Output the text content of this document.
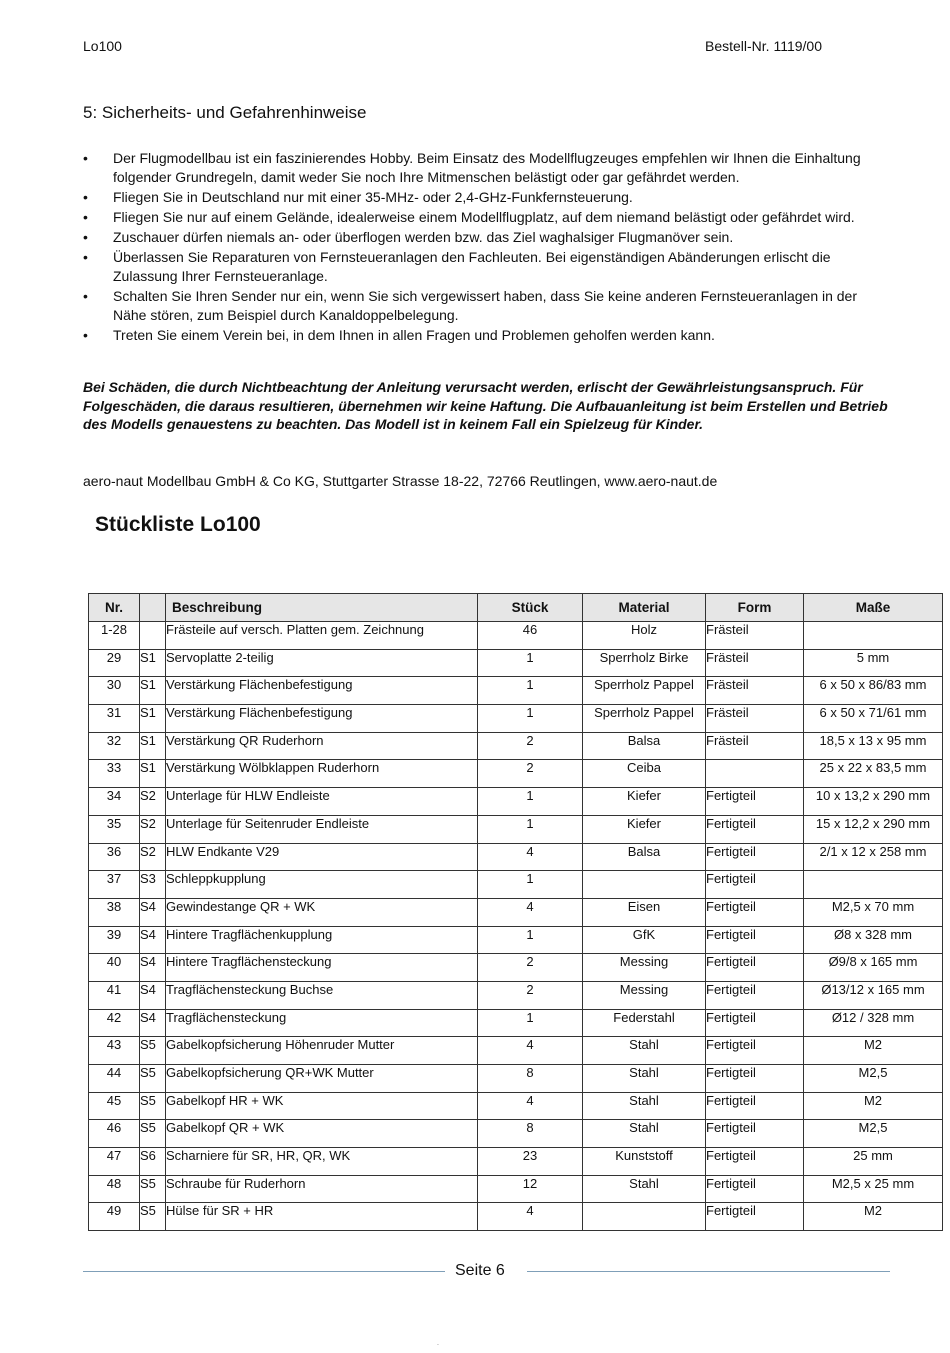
Lo100	Bestell-Nr. 1119/00
5: Sicherheits- und Gefahrenhinweise
• Der Flugmodellbau ist ein faszinierendes Hobby. Beim Einsatz des Modellflugzeuges empfehlen wir Ihnen die Einhaltung folgender Grundregeln, damit weder Sie noch Ihre Mitmenschen belästigt oder gar gefährdet werden.
• Fliegen Sie in Deutschland nur mit einer 35-MHz- oder 2,4-GHz-Funkfernsteuerung.
• Fliegen Sie nur auf einem Gelände, idealerweise einem Modellflugplatz, auf dem niemand belästigt oder gefährdet wird.
• Zuschauer dürfen niemals an- oder überflogen werden bzw. das Ziel waghalsiger Flugmanöver sein.
• Überlassen Sie Reparaturen von Fernsteueranlagen den Fachleuten. Bei eigenständigen Abänderungen erlischt die Zulassung Ihrer Fernsteueranlage.
• Schalten Sie Ihren Sender nur ein, wenn Sie sich vergewissert haben, dass Sie keine anderen Fernsteueranlagen in der Nähe stören, zum Beispiel durch Kanaldoppelbelegung.
• Treten Sie einem Verein bei, in dem Ihnen in allen Fragen und Problemen geholfen werden kann.
Bei Schäden, die durch Nichtbeachtung der Anleitung verursacht werden, erlischt der Gewährleistungsanspruch. Für Folgeschäden, die daraus resultieren, übernehmen wir keine Haftung. Die Aufbauanleitung ist beim Erstellen und Betrieb des Modells genauestens zu beachten. Das Modell ist in keinem Fall ein Spielzeug für Kinder.
aero-naut Modellbau GmbH & Co KG, Stuttgarter Strasse 18-22, 72766 Reutlingen, www.aero-naut.de
Stückliste Lo100
Nr.		Beschreibung	Stück	Material	Form	Maße
1-28		Frästeile auf versch. Platten gem. Zeichnung	46	Holz	Frästeil	
29	S1	Servoplatte 2-teilig	1	Sperrholz Birke	Frästeil	5 mm
30	S1	Verstärkung Flächenbefestigung	1	Sperrholz Pappel	Frästeil	6 x 50 x 86/83 mm
31	S1	Verstärkung Flächenbefestigung	1	Sperrholz Pappel	Frästeil	6 x 50 x 71/61 mm
32	S1	Verstärkung QR Ruderhorn	2	Balsa	Frästeil	18,5 x 13 x 95 mm
33	S1	Verstärkung Wölbklappen Ruderhorn	2	Ceiba		25 x 22 x 83,5 mm
34	S2	Unterlage für HLW Endleiste	1	Kiefer	Fertigteil	10 x 13,2 x 290 mm
35	S2	Unterlage für Seitenruder Endleiste	1	Kiefer	Fertigteil	15 x 12,2 x 290 mm
36	S2	HLW Endkante V29	4	Balsa	Fertigteil	2/1 x 12 x 258 mm
37	S3	Schleppkupplung	1		Fertigteil	
38	S4	Gewindestange QR + WK	4	Eisen	Fertigteil	M2,5 x 70 mm
39	S4	Hintere Tragflächenkupplung	1	GfK	Fertigteil	Ø8 x 328 mm
40	S4	Hintere Tragflächensteckung	2	Messing	Fertigteil	Ø9/8 x 165 mm
41	S4	Tragflächensteckung Buchse	2	Messing	Fertigteil	Ø13/12 x 165 mm
42	S4	Tragflächensteckung	1	Federstahl	Fertigteil	Ø12 / 328 mm
43	S5	Gabelkopfsicherung Höhenruder Mutter	4	Stahl	Fertigteil	M2
44	S5	Gabelkopfsicherung QR+WK Mutter	8	Stahl	Fertigteil	M2,5
45	S5	Gabelkopf HR + WK	4	Stahl	Fertigteil	M2
46	S5	Gabelkopf QR + WK	8	Stahl	Fertigteil	M2,5
47	S6	Scharniere für SR, HR, QR, WK	23	Kunststoff	Fertigteil	25 mm
48	S5	Schraube für Ruderhorn	12	Stahl	Fertigteil	M2,5 x 25 mm
49	S5	Hülse für SR + HR	4		Fertigteil	M2
Seite 6
.
